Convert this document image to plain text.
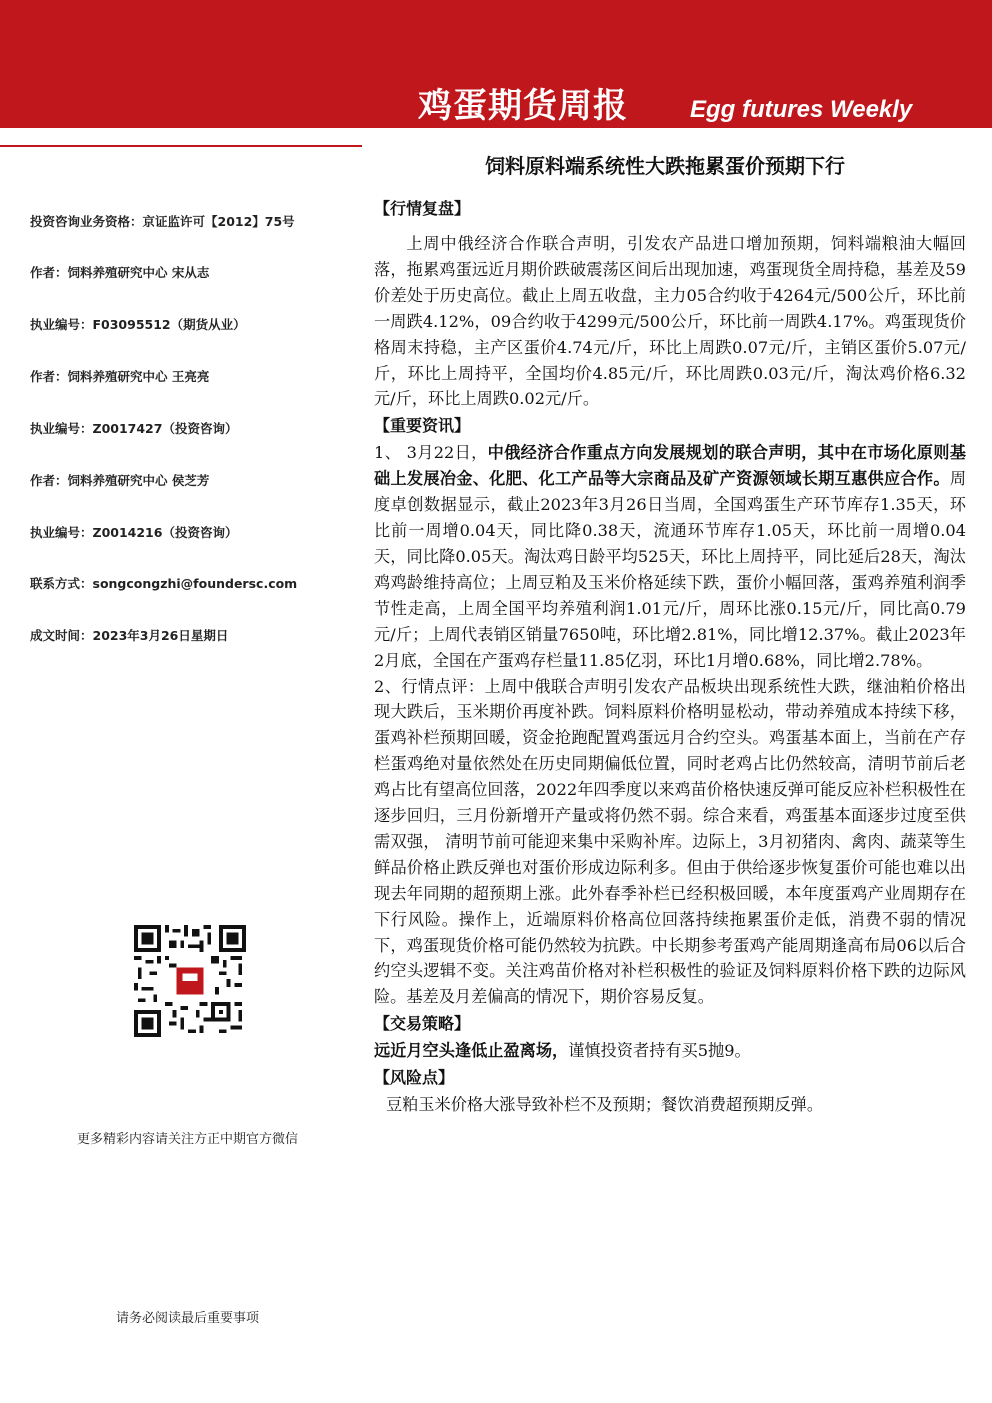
鸡蛋期货周报	Egg futures Weekly Report
饲料原料端系统性大跌拖累蛋价预期下行
投资咨询业务资格：京证监许可【2012】75号
作者：饲料养殖研究中心 宋从志
执业编号：F03095512（期货从业）
作者：饲料养殖研究中心 王亮亮
执业编号：Z0017427（投资咨询）
作者：饲料养殖研究中心 侯芝芳
执业编号：Z0014216（投资咨询）
联系方式：songcongzhi@foundersc.com
成文时间：2023年3月26日星期日
更多精彩内容请关注方正中期官方微信
请务必阅读最后重要事项
【行情复盘】

上周中俄经济合作联合声明，引发农产品进口增加预期，饲料端粮油大幅回落，拖累鸡蛋远近月期价跌破震荡区间后出现加速，鸡蛋现货全周持稳，基差及59价差处于历史高位。截止上周五收盘，主力05合约收于4264元/500公斤，环比前一周跌4.12%，09合约收于4299元/500公斤，环比前一周跌4.17%。鸡蛋现货价格周末持稳，主产区蛋价4.74元/斤，环比上周跌0.07元/斤，主销区蛋价5.07元/斤，环比上周持平，全国均价4.85元/斤，环比周跌0.03元/斤，淘汰鸡价格6.32元/斤，环比上周跌0.02元/斤。

【重要资讯】

1、 3月22日，中俄经济合作重点方向发展规划的联合声明，其中在市场化原则基础上发展冶金、化肥、化工产品等大宗商品及矿产资源领域长期互惠供应合作。周度卓创数据显示，截止2023年3月26日当周，全国鸡蛋生产环节库存1.35天，环比前一周增0.04天，同比降0.38天，流通环节库存1.05天，环比前一周增0.04天，同比降0.05天。淘汰鸡日龄平均525天，环比上周持平，同比延后28天，淘汰鸡鸡龄维持高位；上周豆粕及玉米价格延续下跌，蛋价小幅回落，蛋鸡养殖利润季节性走高，上周全国平均养殖利润1.01元/斤，周环比涨0.15元/斤，同比高0.79元/斤；上周代表销区销量7650吨，环比增2.81%，同比增12.37%。截止2023年2月底，全国在产蛋鸡存栏量11.85亿羽，环比1月增0.68%，同比增2.78%。

2、行情点评：上周中俄联合声明引发农产品板块出现系统性大跌，继油粕价格出现大跌后，玉米期价再度补跌。饲料原料价格明显松动，带动养殖成本持续下移，蛋鸡补栏预期回暖，资金抢跑配置鸡蛋远月合约空头。鸡蛋基本面上，当前在产存栏蛋鸡绝对量依然处在历史同期偏低位置，同时老鸡占比仍然较高，清明节前后老鸡占比有望高位回落，2022年四季度以来鸡苗价格快速反弹可能反应补栏积极性在逐步回归，三月份新增开产量或将仍然不弱。综合来看，鸡蛋基本面逐步过度至供需双强， 清明节前可能迎来集中采购补库。边际上，3月初猪肉、禽肉、蔬菜等生鲜品价格止跌反弹也对蛋价形成边际利多。但由于供给逐步恢复蛋价可能也难以出现去年同期的超预期上涨。此外春季补栏已经积极回暖，本年度蛋鸡产业周期存在下行风险。操作上，近端原料价格高位回落持续拖累蛋价走低，消费不弱的情况下，鸡蛋现货价格可能仍然较为抗跌。中长期参考蛋鸡产能周期逢高布局06以后合约空头逻辑不变。关注鸡苗价格对补栏积极性的验证及饲料原料价格下跌的边际风险。基差及月差偏高的情况下，期价容易反复。

【交易策略】

远近月空头逢低止盈离场，谨慎投资者持有买5抛9。

【风险点】

豆粕玉米价格大涨导致补栏不及预期；餐饮消费超预期反弹。
